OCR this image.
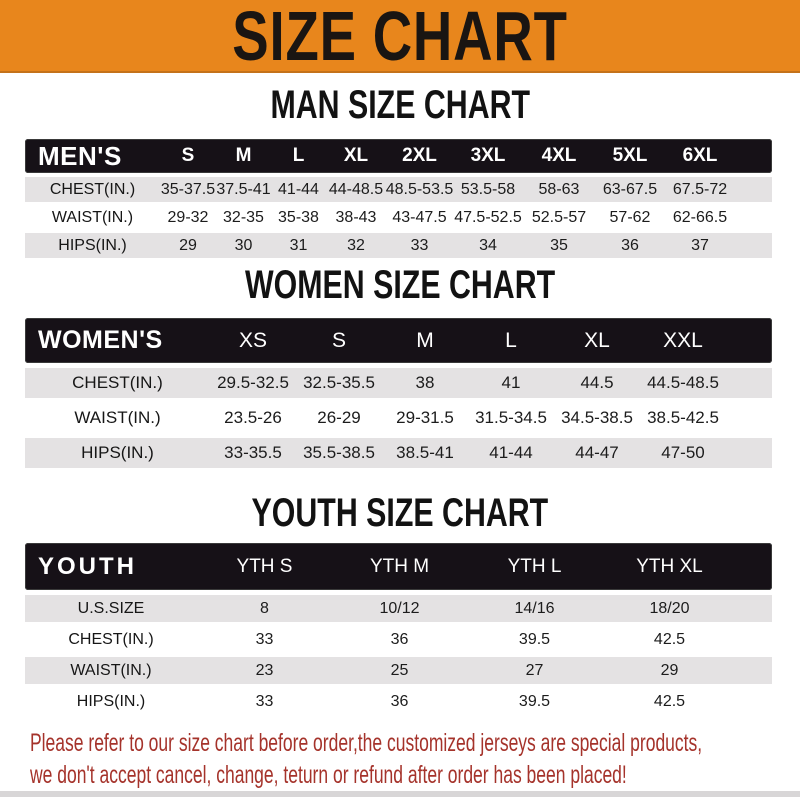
SIZE CHART
MAN SIZE CHART
MEN'S	S	M	L	XL	2XL	3XL	4XL	5XL	6XL
CHEST(IN.)	35-37.5 37.5-41 41-44 44-48.5 48.5-53.5 53.5-58	58-63	63-67.5 67.5-72
WAIST(IN.)	29-32 32-35 35-38	38-43 43-47.5 47.5-52.5 52.5-57	57-62	62-66.5
HIPS(IN.)	29	30	31	32	33	34	35	36	37
WOMEN SIZE CHART
WOMEN'S	XS	S	M	L	XL	XXL
CHEST(IN.)	29.5-32.5 32.5-35.5	38	41	44.5	44.5-48.5
WAIST(IN.)	23.5-26	26-29	29-31.5	31.5-34.5 34.5-38.5 38.5-42.5
HIPS(IN.)	33-35.5	35.5-38.5	38.5-41	41-44	44-47	47-50
YOUTH SIZE CHART
YOUTH	YTH S	YTH M	YTH L	YTH XL
U.S.SIZE	8	10/12	14/16	18/20
CHEST(IN.)	33	36	39.5	42.5
WAIST(IN.)	23	25	27	29
HIPS(IN.)	33	36	39.5	42.5
Please refer to our size chart before order,the customized jerseys are special products,
we don't accept cancel, change, teturn or refund after order has been placed!
